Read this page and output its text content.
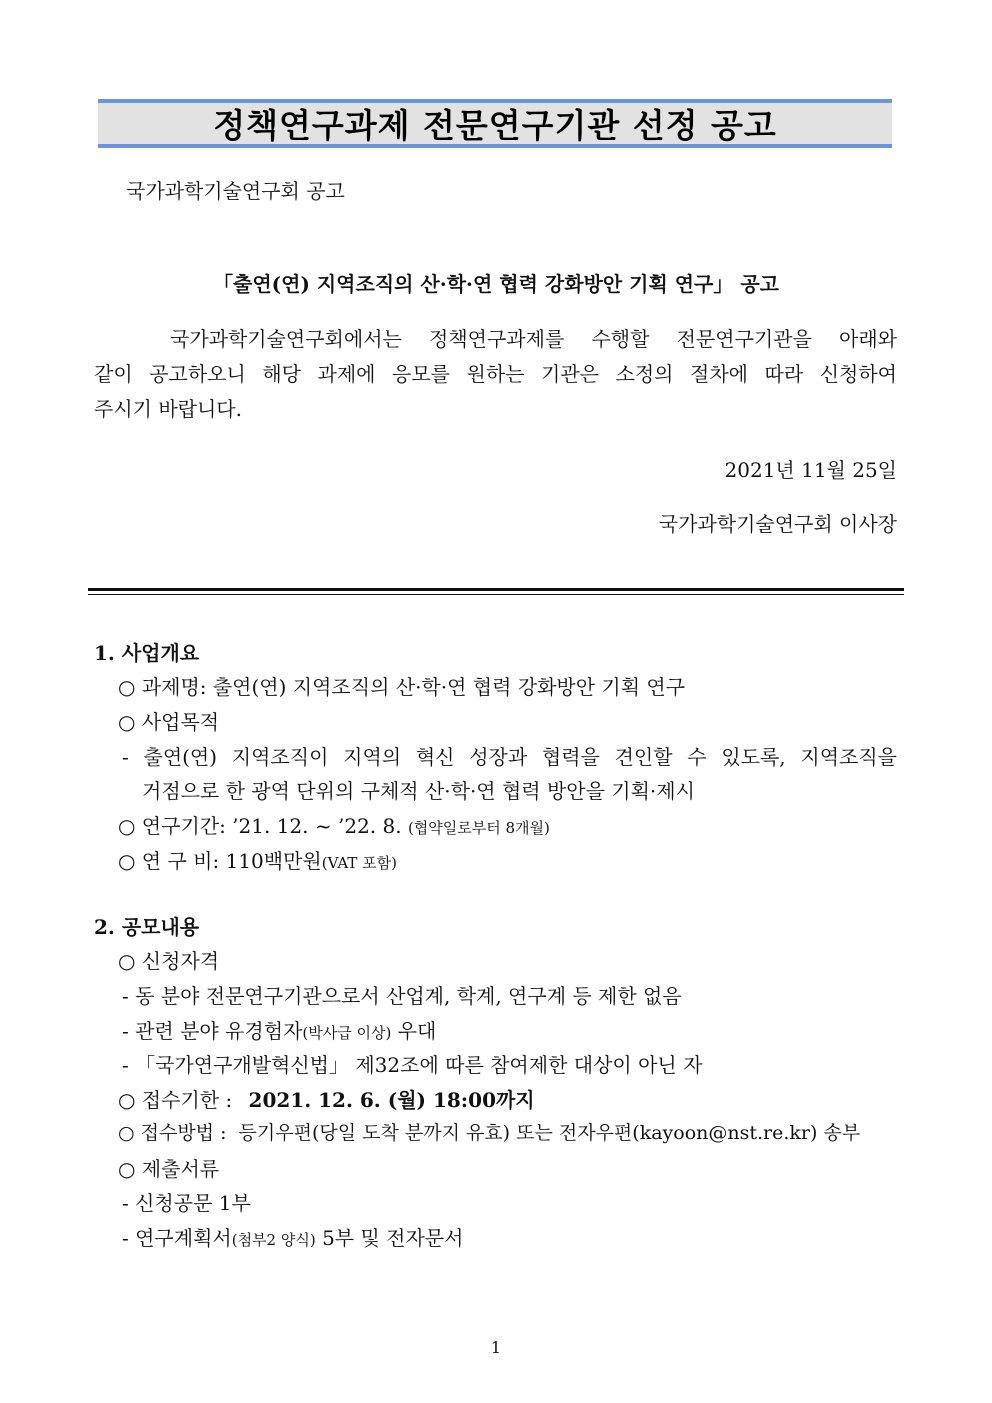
정책연구과제 전문연구기관 선정 공고
국가과학기술연구회 공고
「출연(연) 지역조직의 산·학·연 협력 강화방안 기획 연구」 공고
국가과학기술연구회에서는 정책연구과제를 수행할 전문연구기관을 아래와
같이 공고하오니 해당 과제에 응모를 원하는 기관은 소정의 절차에 따라 신청하여
주시기 바랍니다.
2021년 11월 25일
국가과학기술연구회 이사장
1. 사업개요
○ 과제명: 출연(연) 지역조직의 산·학·연 협력 강화방안 기획 연구
○ 사업목적
- 출연(연) 지역조직이 지역의 혁신 성장과 협력을 견인할 수 있도록, 지역조직을
거점으로 한 광역 단위의 구체적 산·학·연 협력 방안을 기획·제시
○ 연구기간: ’21. 12. ~ ’22. 8. (협약일로부터 8개월)
○ 연 구 비: 110백만원(VAT 포함)
2. 공모내용
○ 신청자격
- 동 분야 전문연구기관으로서 산업계, 학계, 연구계 등 제한 없음
- 관련 분야 유경험자(박사급 이상) 우대
- 「국가연구개발혁신법」 제32조에 따른 참여제한 대상이 아닌 자
○ 접수기한 : 2021. 12. 6. (월) 18:00까지
○ 접수방법 : 등기우편(당일 도착 분까지 유효) 또는 전자우편(kayoon@nst.re.kr) 송부
○ 제출서류
- 신청공문 1부
- 연구계획서(첨부2 양식) 5부 및 전자문서
1
